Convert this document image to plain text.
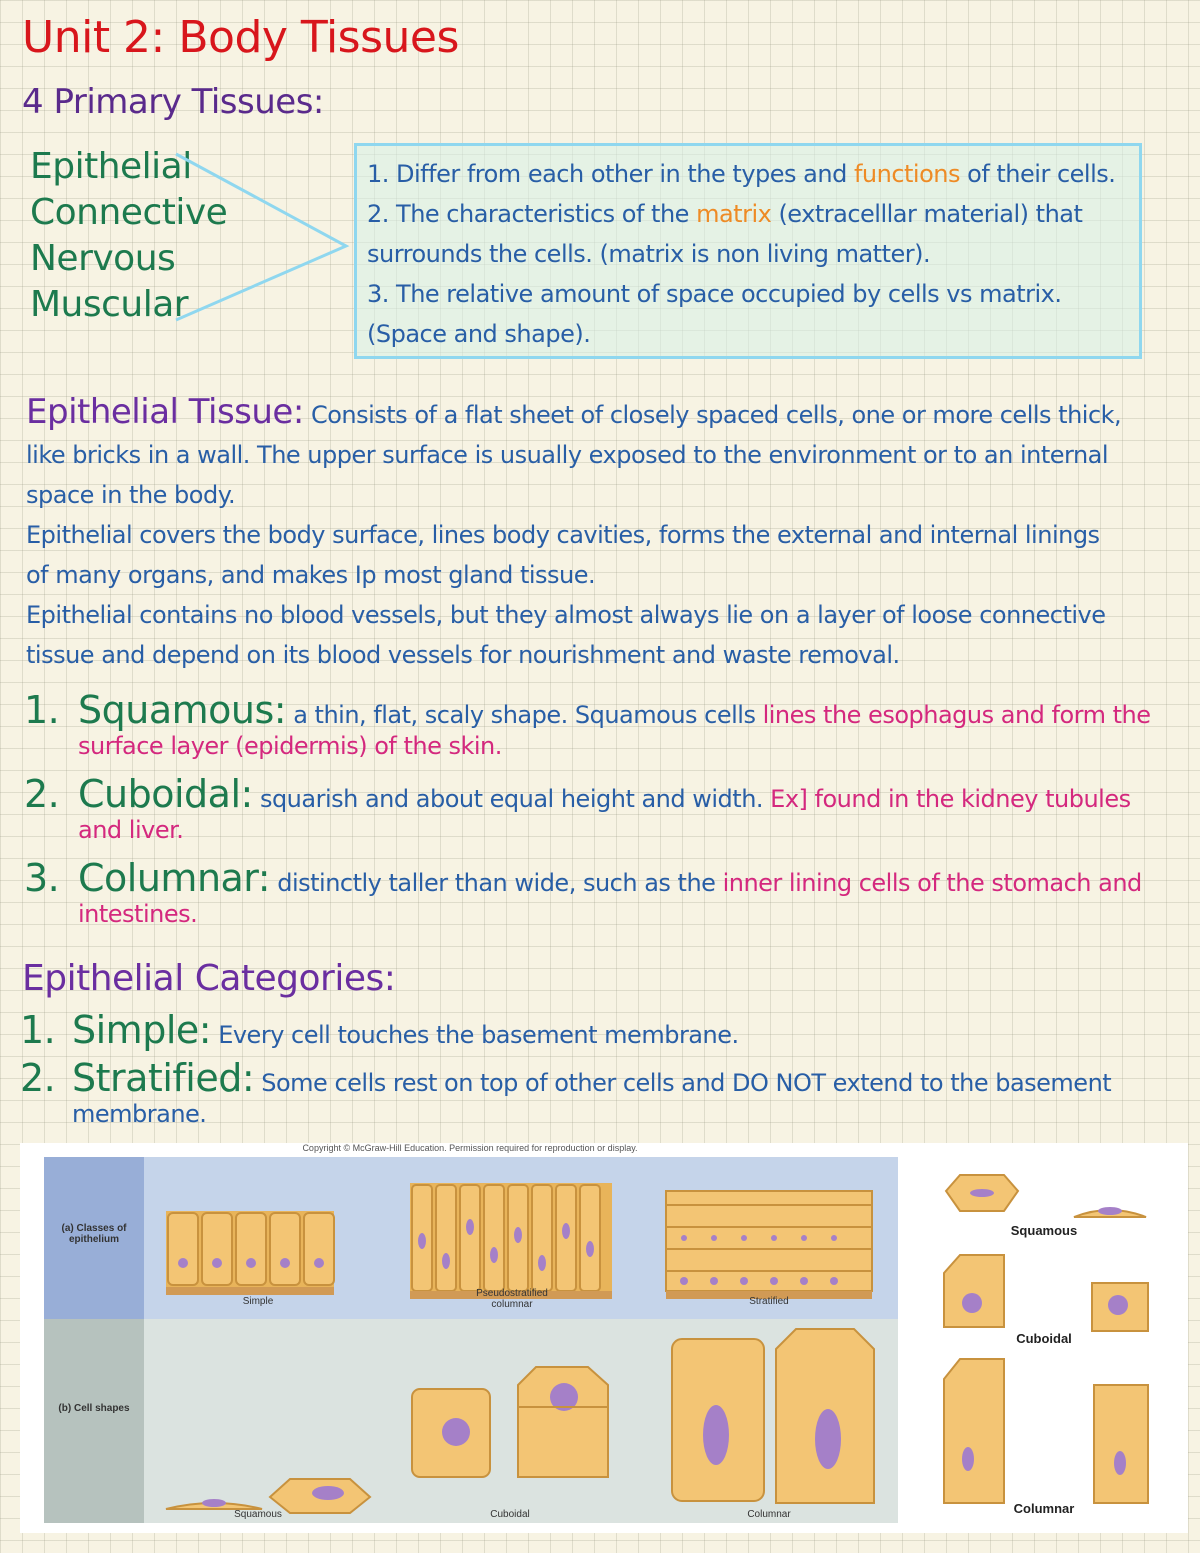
Unit 2: Body Tissues
4 Primary Tissues:
Epithelial
Connective
Nervous
Muscular
1. Differ from each other in the types and functions of their cells.
2. The characteristics of the matrix (extracelllar material) that
surrounds the cells. (matrix is non living matter).
3. The relative amount of space occupied by cells vs matrix.
(Space and shape).
Epithelial Tissue: Consists of a flat sheet of closely spaced cells, one or more cells thick,
like bricks in a wall. The upper surface is usually exposed to the environment or to an internal
space in the body.
Epithelial covers the body surface, lines body cavities, forms the external and internal linings
of many organs, and makes Ip most gland tissue.
Epithelial contains no blood vessels, but they almost always lie on a layer of loose connective
tissue and depend on its blood vessels for nourishment and waste removal.
1. Squamous: a thin, flat, scaly shape. Squamous cells lines the esophagus and form the
surface layer (epidermis) of the skin.
2. Cuboidal: squarish and about equal height and width. Ex] found in the kidney tubules
and liver.
3. Columnar: distinctly taller than wide, such as the inner lining cells of the stomach and
intestines.
Epithelial Categories:
1. Simple: Every cell touches the basement membrane.
2. Stratified: Some cells rest on top of other cells and DO NOT extend to the basement
membrane.
Copyright © McGraw-Hill Education. Permission required for reproduction or display.
(a) Classes of epithelium
Simple
Pseudostratified columnar	Stratified
(b) Cell shapes
Squamous	Cuboidal	Columnar
Squamous
Cuboidal
Columnar
